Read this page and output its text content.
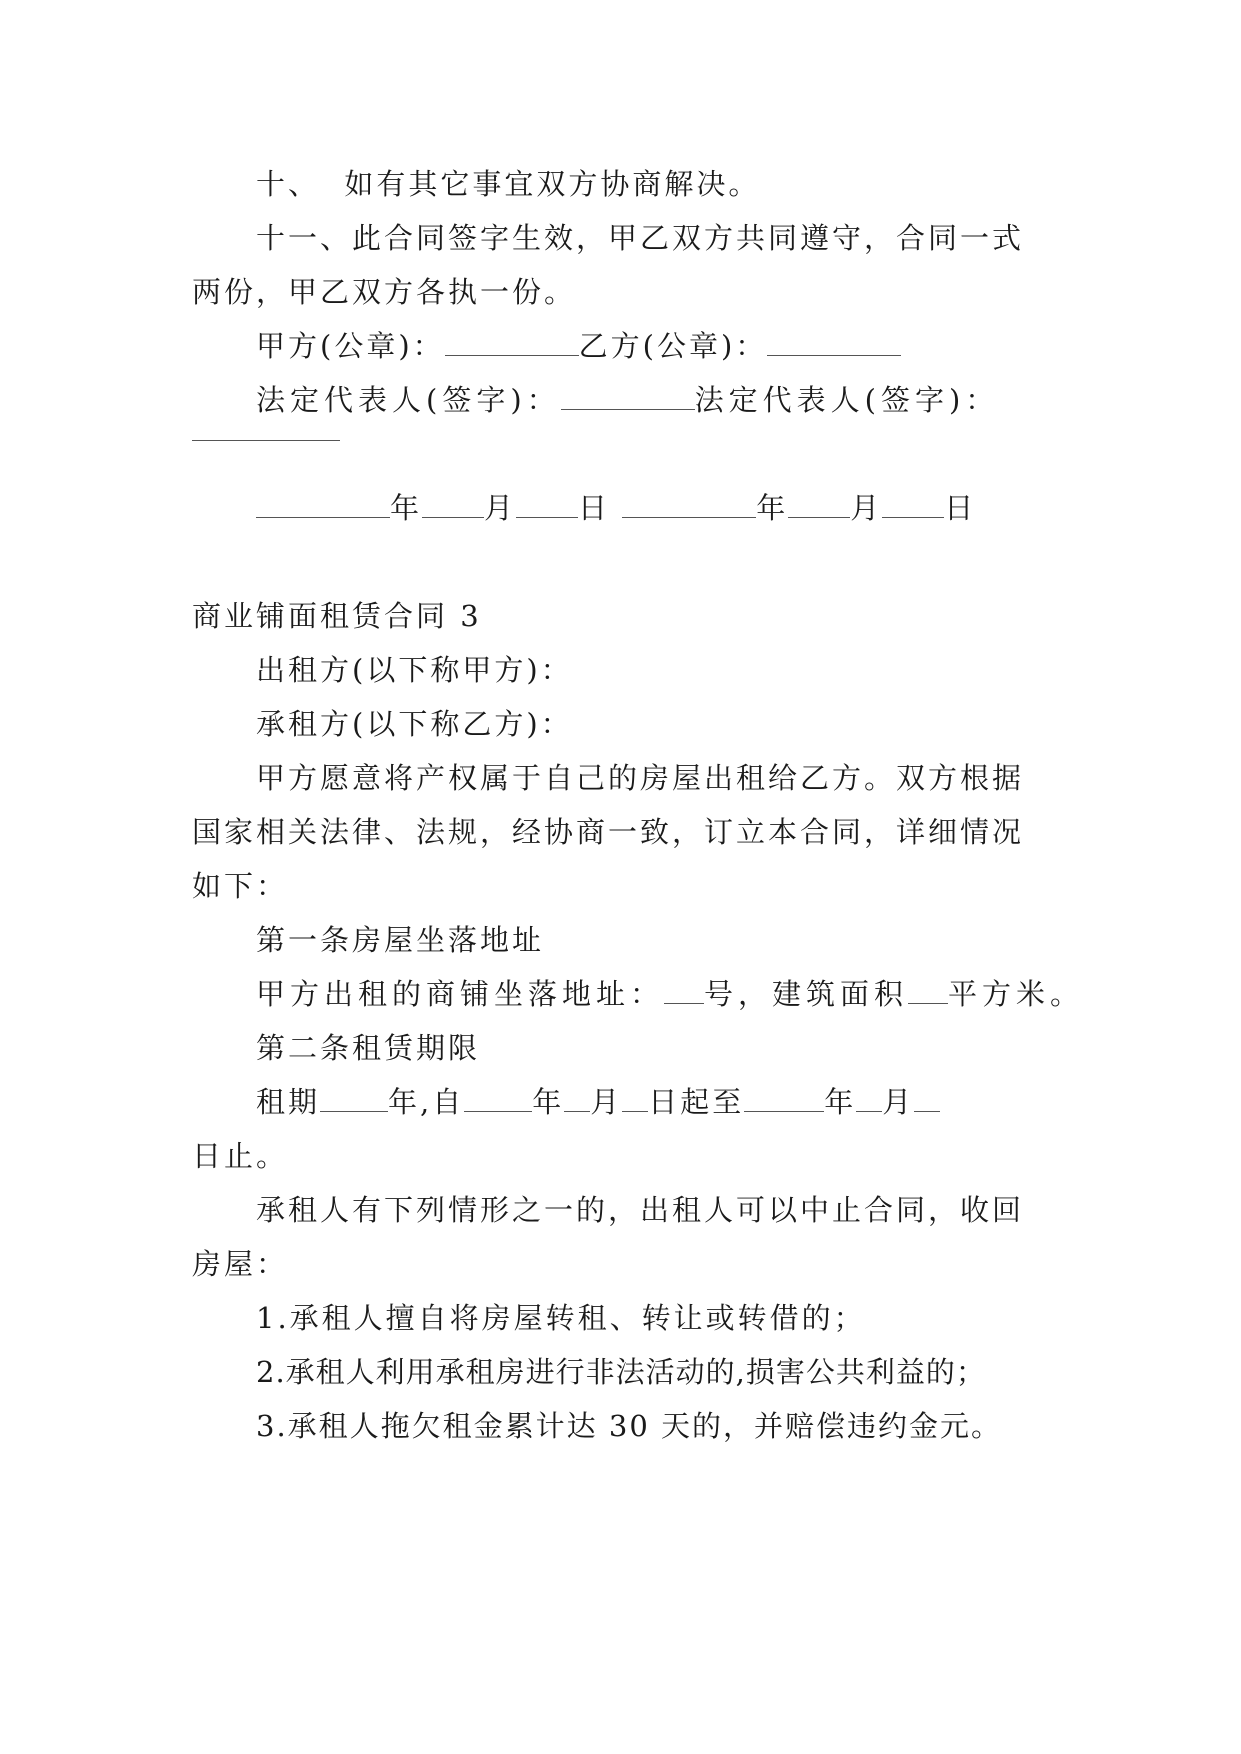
十、  如有其它事宜双方协商解决。
十一、此合同签字生效，甲乙双方共同遵守，合同一式
两份，甲乙双方各执一份。
甲方(公章)：	乙方(公章)：
法定代表人(签字)：	法定代表人(签字)：
年 月 日	年 月 日
商业铺面租赁合同 3
出租方(以下称甲方)：
承租方(以下称乙方)：
甲方愿意将产权属于自己的房屋出租给乙方。双方根据
国家相关法律、法规，经协商一致，订立本合同，详细情况
如下：
第一条房屋坐落地址
甲方出租的商铺坐落地址： 号，建筑面积 平方米。
第二条租赁期限
租期 年,自 年 月 日起至	年 月
日止。
承租人有下列情形之一的，出租人可以中止合同，收回
房屋：
1.承租人擅自将房屋转租、转让或转借的；
2.承租人利用承租房进行非法活动的,损害公共利益的；
3.承租人拖欠租金累计达 30 天的，并赔偿违约金元。
